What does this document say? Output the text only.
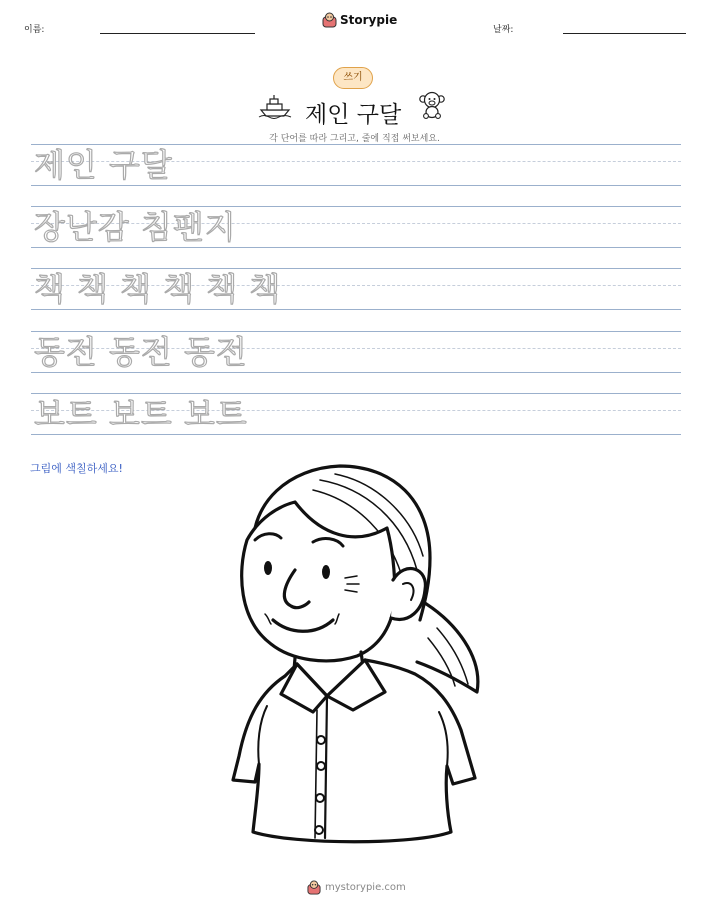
이름:
Storypie
날짜:
쓰기
제인 구달
각 단어를 따라 그리고, 줄에 직접 써보세요.
제인 구달
장난감 침팬지
책 책 책 책 책 책
동전 동전 동전
보트 보트 보트
그림에 색칠하세요!
mystorypie.com
